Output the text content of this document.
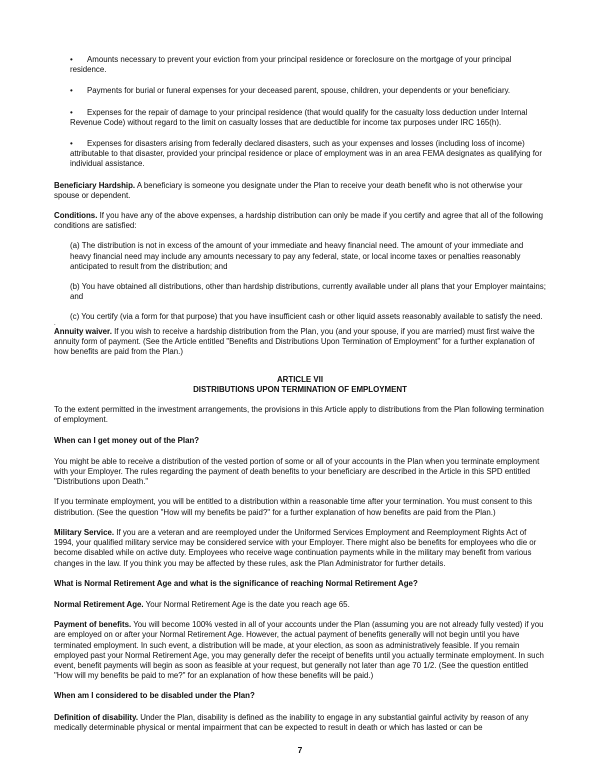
• Amounts necessary to prevent your eviction from your principal residence or foreclosure on the mortgage of your principal residence.

• Payments for burial or funeral expenses for your deceased parent, spouse, children, your dependents or your beneficiary.

• Expenses for the repair of damage to your principal residence (that would qualify for the casualty loss deduction under Internal Revenue Code) without regard to the limit on casualty losses that are deductible for income tax purposes under IRC 165(h).

• Expenses for disasters arising from federally declared disasters, such as your expenses and losses (including loss of income) attributable to that disaster, provided your principal residence or place of employment was in an area FEMA designates as qualifying for individual assistance.

Beneficiary Hardship. A beneficiary is someone you designate under the Plan to receive your death benefit who is not otherwise your spouse or dependent.

Conditions. If you have any of the above expenses, a hardship distribution can only be made if you certify and agree that all of the following conditions are satisfied:

(a) The distribution is not in excess of the amount of your immediate and heavy financial need. The amount of your immediate and heavy financial need may include any amounts necessary to pay any federal, state, or local income taxes or penalties reasonably anticipated to result from the distribution; and

(b) You have obtained all distributions, other than hardship distributions, currently available under all plans that your Employer maintains; and

(c) You certify (via a form for that purpose) that you have insufficient cash or other liquid assets reasonably available to satisfy the need.

.

Annuity waiver. If you wish to receive a hardship distribution from the Plan, you (and your spouse, if you are married) must first waive the annuity form of payment. (See the Article entitled "Benefits and Distributions Upon Termination of Employment" for a further explanation of how benefits are paid from the Plan.)

ARTICLE VII

DISTRIBUTIONS UPON TERMINATION OF EMPLOYMENT

To the extent permitted in the investment arrangements, the provisions in this Article apply to distributions from the Plan following termination of employment.

When can I get money out of the Plan?

You might be able to receive a distribution of the vested portion of some or all of your accounts in the Plan when you terminate employment with your Employer. The rules regarding the payment of death benefits to your beneficiary are described in the Article in this SPD entitled "Distributions upon Death."

If you terminate employment, you will be entitled to a distribution within a reasonable time after your termination. You must consent to this distribution. (See the question "How will my benefits be paid?" for a further explanation of how benefits are paid from the Plan.)

Military Service. If you are a veteran and are reemployed under the Uniformed Services Employment and Reemployment Rights Act of 1994, your qualified military service may be considered service with your Employer. There might also be benefits for employees who die or become disabled while on active duty. Employees who receive wage continuation payments while in the military may benefit from various changes in the law. If you think you may be affected by these rules, ask the Plan Administrator for further details.

What is Normal Retirement Age and what is the significance of reaching Normal Retirement Age?

Normal Retirement Age. Your Normal Retirement Age is the date you reach age 65.

Payment of benefits. You will become 100% vested in all of your accounts under the Plan (assuming you are not already fully vested) if you are employed on or after your Normal Retirement Age. However, the actual payment of benefits generally will not begin until you have terminated employment. In such event, a distribution will be made, at your election, as soon as administratively feasible. If you remain employed past your Normal Retirement Age, you may generally defer the receipt of benefits until you actually terminate employment. In such event, benefit payments will begin as soon as feasible at your request, but generally not later than age 70 1/2. (See the question entitled "How will my benefits be paid to me?" for an explanation of how these benefits will be paid.)

When am I considered to be disabled under the Plan?

Definition of disability. Under the Plan, disability is defined as the inability to engage in any substantial gainful activity by reason of any medically determinable physical or mental impairment that can be expected to result in death or which has lasted or can be

7
